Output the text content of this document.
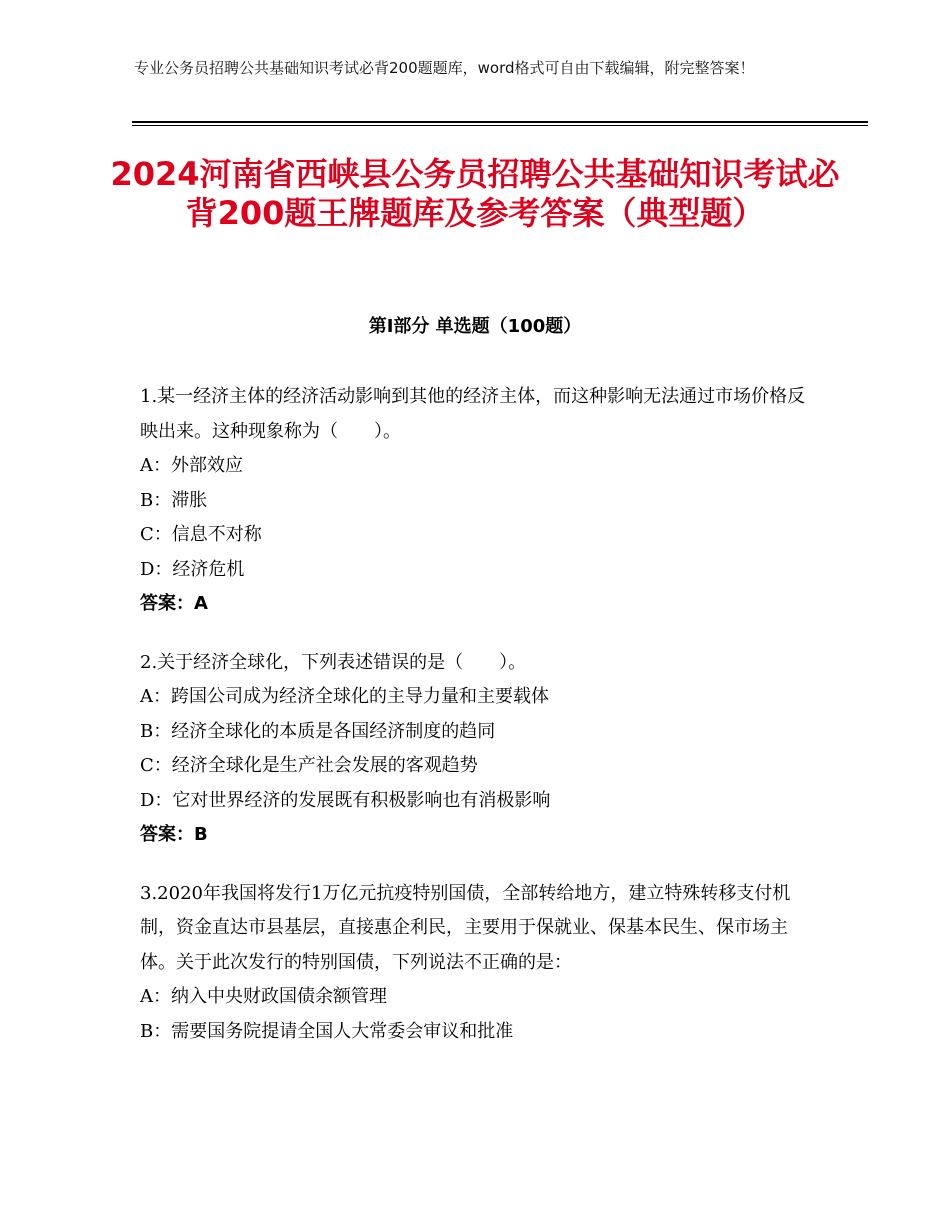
专业公务员招聘公共基础知识考试必背200题题库，word格式可自由下载编辑，附完整答案！
2024河南省西峡县公务员招聘公共基础知识考试必背200题王牌题库及参考答案（典型题）
第Ⅰ部分 单选题（100题）

1.某一经济主体的经济活动影响到其他的经济主体，而这种影响无法通过市场价格反映出来。这种现象称为（　　）。

A：外部效应

B：滞胀

C：信息不对称

D：经济危机

答案：A

2.关于经济全球化，下列表述错误的是（　　）。

A：跨国公司成为经济全球化的主导力量和主要载体

B：经济全球化的本质是各国经济制度的趋同

C：经济全球化是生产社会发展的客观趋势

D：它对世界经济的发展既有积极影响也有消极影响

答案：B

3.2020年我国将发行1万亿元抗疫特别国债，全部转给地方，建立特殊转移支付机制，资金直达市县基层，直接惠企利民，主要用于保就业、保基本民生、保市场主体。关于此次发行的特别国债，下列说法不正确的是：

A：纳入中央财政国债余额管理

B：需要国务院提请全国人大常委会审议和批准
